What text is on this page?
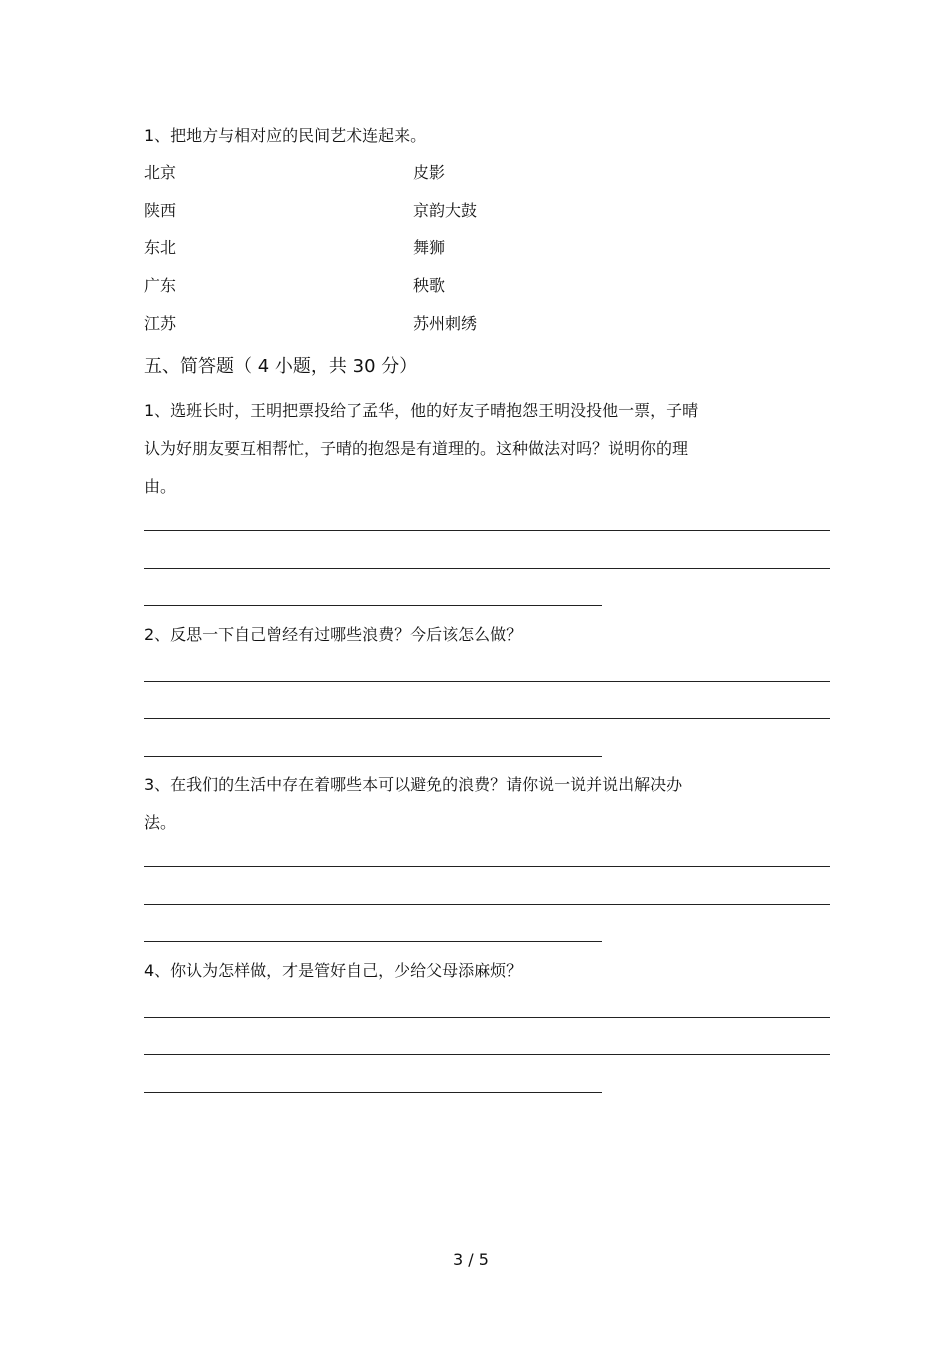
1、把地方与相对应的民间艺术连起来。
北京
陕西
东北
广东
江苏
皮影
京韵大鼓
舞狮
秧歌
苏州刺绣
五、简答题（ 4 小题，共 30 分）
1、选班长时，王明把票投给了孟华，他的好友子晴抱怨王明没投他一票，子晴
认为好朋友要互相帮忙，子晴的抱怨是有道理的。这种做法对吗？说明你的理
由。
2、反思一下自己曾经有过哪些浪费？今后该怎么做？
3、在我们的生活中存在着哪些本可以避免的浪费？请你说一说并说出解决办
法。
4、你认为怎样做，才是管好自己，少给父母添麻烦？
3 / 5
